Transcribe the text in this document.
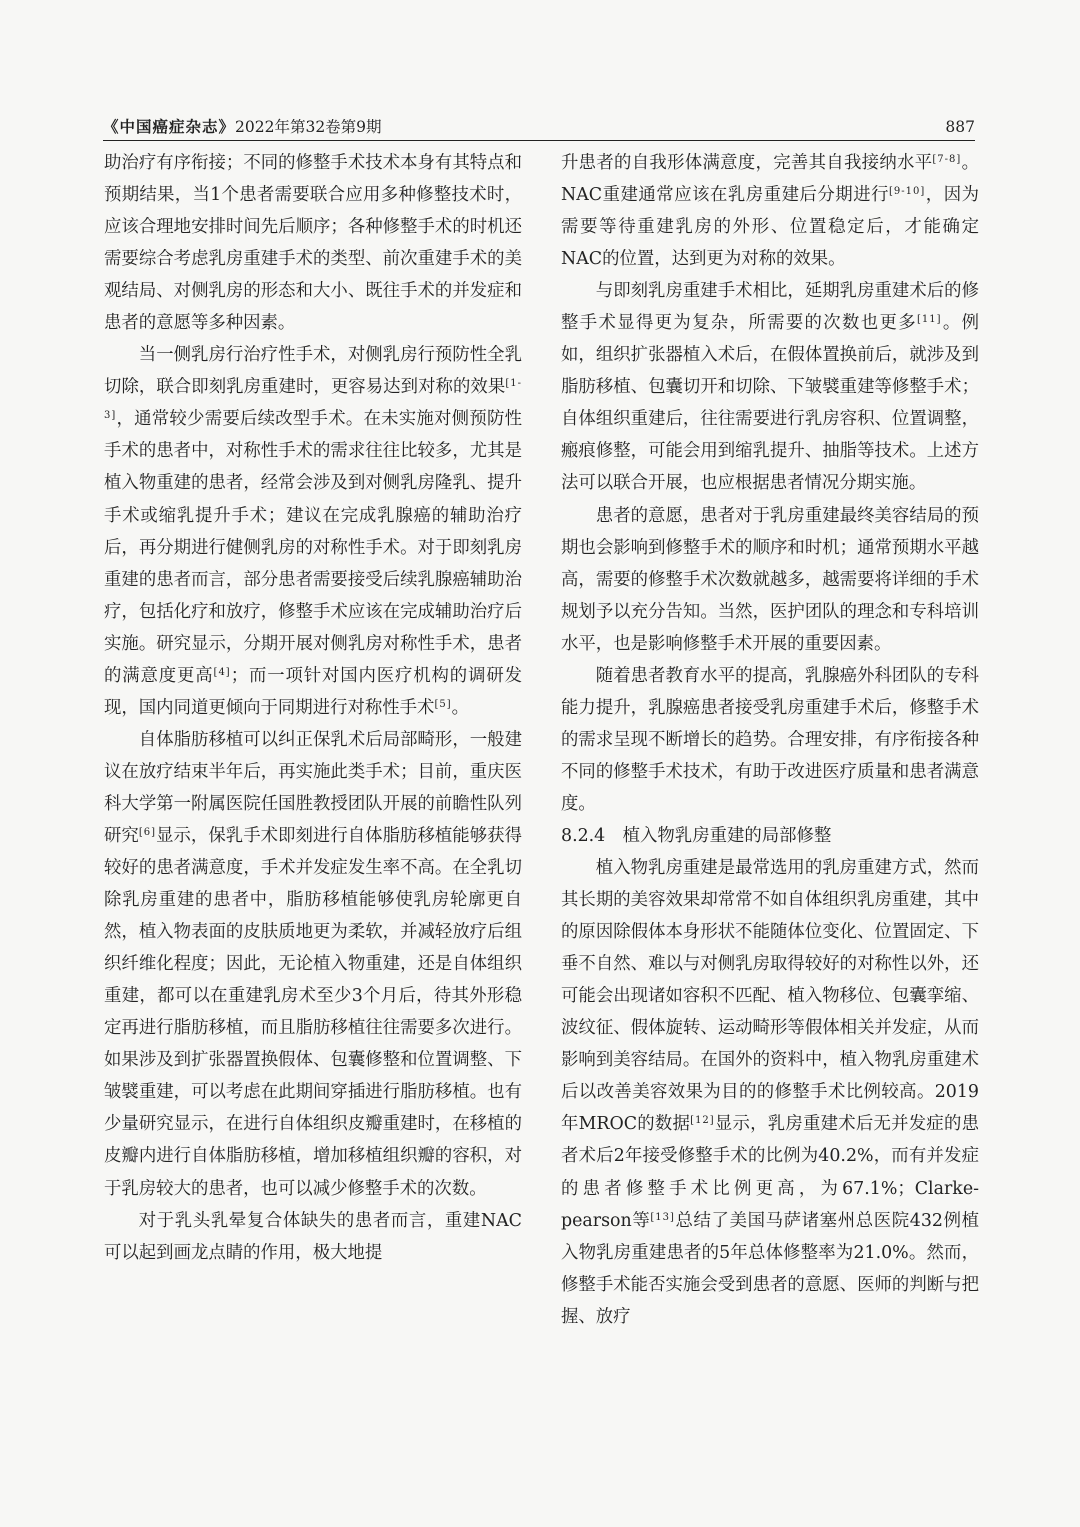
《中国癌症杂志》2022年第32卷第9期	887

助治疗有序衔接；不同的修整手术技术本身有其特点和预期结果，当1个患者需要联合应用多种修整技术时，应该合理地安排时间先后顺序；各种修整手术的时机还需要综合考虑乳房重建手术的类型、前次重建手术的美观结局、对侧乳房的形态和大小、既往手术的并发症和患者的意愿等多种因素。

当一侧乳房行治疗性手术，对侧乳房行预防性全乳切除，联合即刻乳房重建时，更容易达到对称的效果[1-3]，通常较少需要后续改型手术。在未实施对侧预防性手术的患者中，对称性手术的需求往往比较多，尤其是植入物重建的患者，经常会涉及到对侧乳房隆乳、提升手术或缩乳提升手术；建议在完成乳腺癌的辅助治疗后，再分期进行健侧乳房的对称性手术。对于即刻乳房重建的患者而言，部分患者需要接受后续乳腺癌辅助治疗，包括化疗和放疗，修整手术应该在完成辅助治疗后实施。研究显示，分期开展对侧乳房对称性手术，患者的满意度更高[4]；而一项针对国内医疗机构的调研发现，国内同道更倾向于同期进行对称性手术[5]。

自体脂肪移植可以纠正保乳术后局部畸形，一般建议在放疗结束半年后，再实施此类手术；目前，重庆医科大学第一附属医院任国胜教授团队开展的前瞻性队列研究[6]显示，保乳手术即刻进行自体脂肪移植能够获得较好的患者满意度，手术并发症发生率不高。在全乳切除乳房重建的患者中，脂肪移植能够使乳房轮廓更自然，植入物表面的皮肤质地更为柔软，并减轻放疗后组织纤维化程度；因此，无论植入物重建，还是自体组织重建，都可以在重建乳房术至少3个月后，待其外形稳定再进行脂肪移植，而且脂肪移植往往需要多次进行。如果涉及到扩张器置换假体、包囊修整和位置调整、下皱襞重建，可以考虑在此期间穿插进行脂肪移植。也有少量研究显示，在进行自体组织皮瓣重建时，在移植的皮瓣内进行自体脂肪移植，增加移植组织瓣的容积，对于乳房较大的患者，也可以减少修整手术的次数。

对于乳头乳晕复合体缺失的患者而言，重建NAC可以起到画龙点睛的作用，极大地提

升患者的自我形体满意度，完善其自我接纳水平[7-8]。NAC重建通常应该在乳房重建后分期进行[9-10]，因为需要等待重建乳房的外形、位置稳定后，才能确定NAC的位置，达到更为对称的效果。

与即刻乳房重建手术相比，延期乳房重建术后的修整手术显得更为复杂，所需要的次数也更多[11]。例如，组织扩张器植入术后，在假体置换前后，就涉及到脂肪移植、包囊切开和切除、下皱襞重建等修整手术；自体组织重建后，往往需要进行乳房容积、位置调整，瘢痕修整，可能会用到缩乳提升、抽脂等技术。上述方法可以联合开展，也应根据患者情况分期实施。

患者的意愿，患者对于乳房重建最终美容结局的预期也会影响到修整手术的顺序和时机；通常预期水平越高，需要的修整手术次数就越多，越需要将详细的手术规划予以充分告知。当然，医护团队的理念和专科培训水平，也是影响修整手术开展的重要因素。

随着患者教育水平的提高，乳腺癌外科团队的专科能力提升，乳腺癌患者接受乳房重建手术后，修整手术的需求呈现不断增长的趋势。合理安排，有序衔接各种不同的修整手术技术，有助于改进医疗质量和患者满意度。

8.2.4　植入物乳房重建的局部修整

植入物乳房重建是最常选用的乳房重建方式，然而其长期的美容效果却常常不如自体组织乳房重建，其中的原因除假体本身形状不能随体位变化、位置固定、下垂不自然、难以与对侧乳房取得较好的对称性以外，还可能会出现诸如容积不匹配、植入物移位、包囊挛缩、波纹征、假体旋转、运动畸形等假体相关并发症，从而影响到美容结局。在国外的资料中，植入物乳房重建术后以改善美容效果为目的的修整手术比例较高。2019年MROC的数据[12]显示，乳房重建术后无并发症的患者术后2年接受修整手术的比例为40.2%，而有并发症的患者修整手术比例更高，为67.1%；Clarke-pearson等[13]总结了美国马萨诸塞州总医院432例植入物乳房重建患者的5年总体修整率为21.0%。然而，修整手术能否实施会受到患者的意愿、医师的判断与把握、放疗
